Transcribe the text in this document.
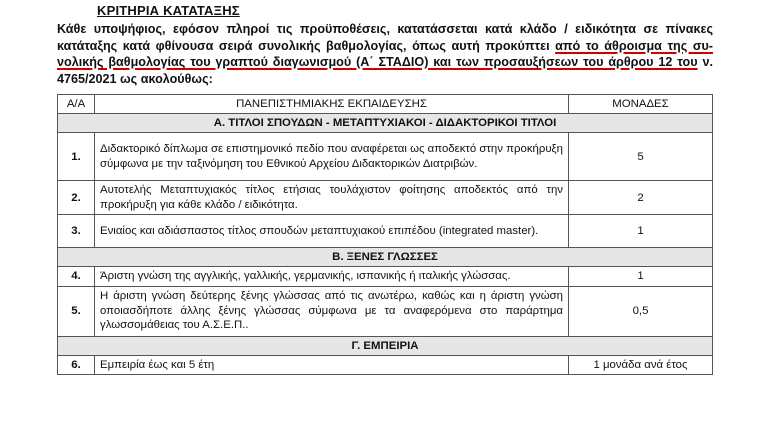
ΚΡΙΤΗΡΙΑ ΚΑΤΑΤΑΞΗΣ
Κάθε υποψήφιος, εφόσον πληροί τις προϋποθέσεις, κατατάσσεται κατά κλάδο / ειδικότητα σε πίνακες κατάταξης κατά φθίνουσα σειρά συνολικής βαθμολογίας, όπως αυτή προκύπτει από το άθροισμα της συ- νολικής βαθμολογίας του γραπτού διαγωνισμού (Α΄ ΣΤΑΔΙΟ) και των προσαυξήσεων του άρθρου 12 του ν. 4765/2021 ως ακολούθως:
Α/Α	ΠΑΝΕΠΙΣΤΗΜΙΑΚΗΣ ΕΚΠΑΙΔΕΥΣΗΣ	ΜΟΝΑΔΕΣ
Α. ΤΙΤΛΟΙ ΣΠΟΥΔΩΝ - ΜΕΤΑΠΤΥΧΙΑΚΟΙ - ΔΙΔΑΚΤΟΡΙΚΟΙ ΤΙΤΛΟΙ		
1.	Διδακτορικό δίπλωμα σε επιστημονικό πεδίο που αναφέρεται ως αποδεκτό στην προκήρυξη σύμφωνα με την ταξινόμηση του Εθνικού Αρχείου Διδακτορικών Διατριβών.	5
2.	Αυτοτελής Μεταπτυχιακός τίτλος ετήσιας τουλάχιστον φοίτησης αποδεκτός από την προκήρυξη για κάθε κλάδο / ειδικότητα.	2
3.	Ενιαίος και αδιάσπαστος τίτλος σπουδών μεταπτυχιακού επιπέδου (integrated master).	1
Β. ΞΕΝΕΣ ΓΛΩΣΣΕΣ		
4.	Άριστη γνώση της αγγλικής, γαλλικής, γερμανικής, ισπανικής ή ιταλικής γλώσσας.	1
5.	Η άριστη γνώση δεύτερης ξένης γλώσσας από τις ανωτέρω, καθώς και η άριστη γνώση οποιασδήποτε άλλης ξένης γλώσσας σύμφωνα με τα αναφερόμενα στο παράρτημα γλωσσομάθειας του Α.Σ.Ε.Π..	0,5
Γ. ΕΜΠΕΙΡΙΑ		
6.	Εμπειρία έως και 5 έτη	1 μονάδα ανά έτος
